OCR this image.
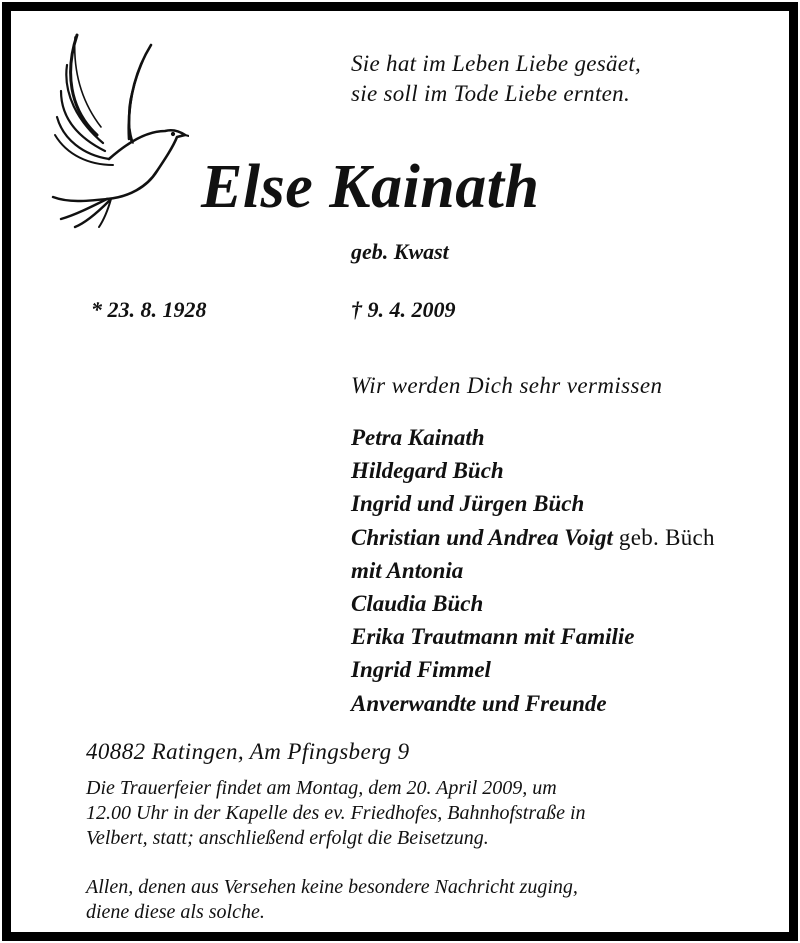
Sie hat im Leben Liebe gesäet,
sie soll im Tode Liebe ernten.
Else Kainath
geb. Kwast
* 23. 8. 1928	† 9. 4. 2009
Wir werden Dich sehr vermissen
Petra Kainath
Hildegard Büch
Ingrid und Jürgen Büch
Christian und Andrea Voigt geb. Büch
mit Antonia
Claudia Büch
Erika Trautmann mit Familie
Ingrid Fimmel
Anverwandte und Freunde
40882 Ratingen, Am Pfingsberg 9
Die Trauerfeier findet am Montag, dem 20. April 2009, um
12.00 Uhr in der Kapelle des ev. Friedhofes, Bahnhofstraße in
Velbert, statt; anschließend erfolgt die Beisetzung.
Allen, denen aus Versehen keine besondere Nachricht zuging,
diene diese als solche.
